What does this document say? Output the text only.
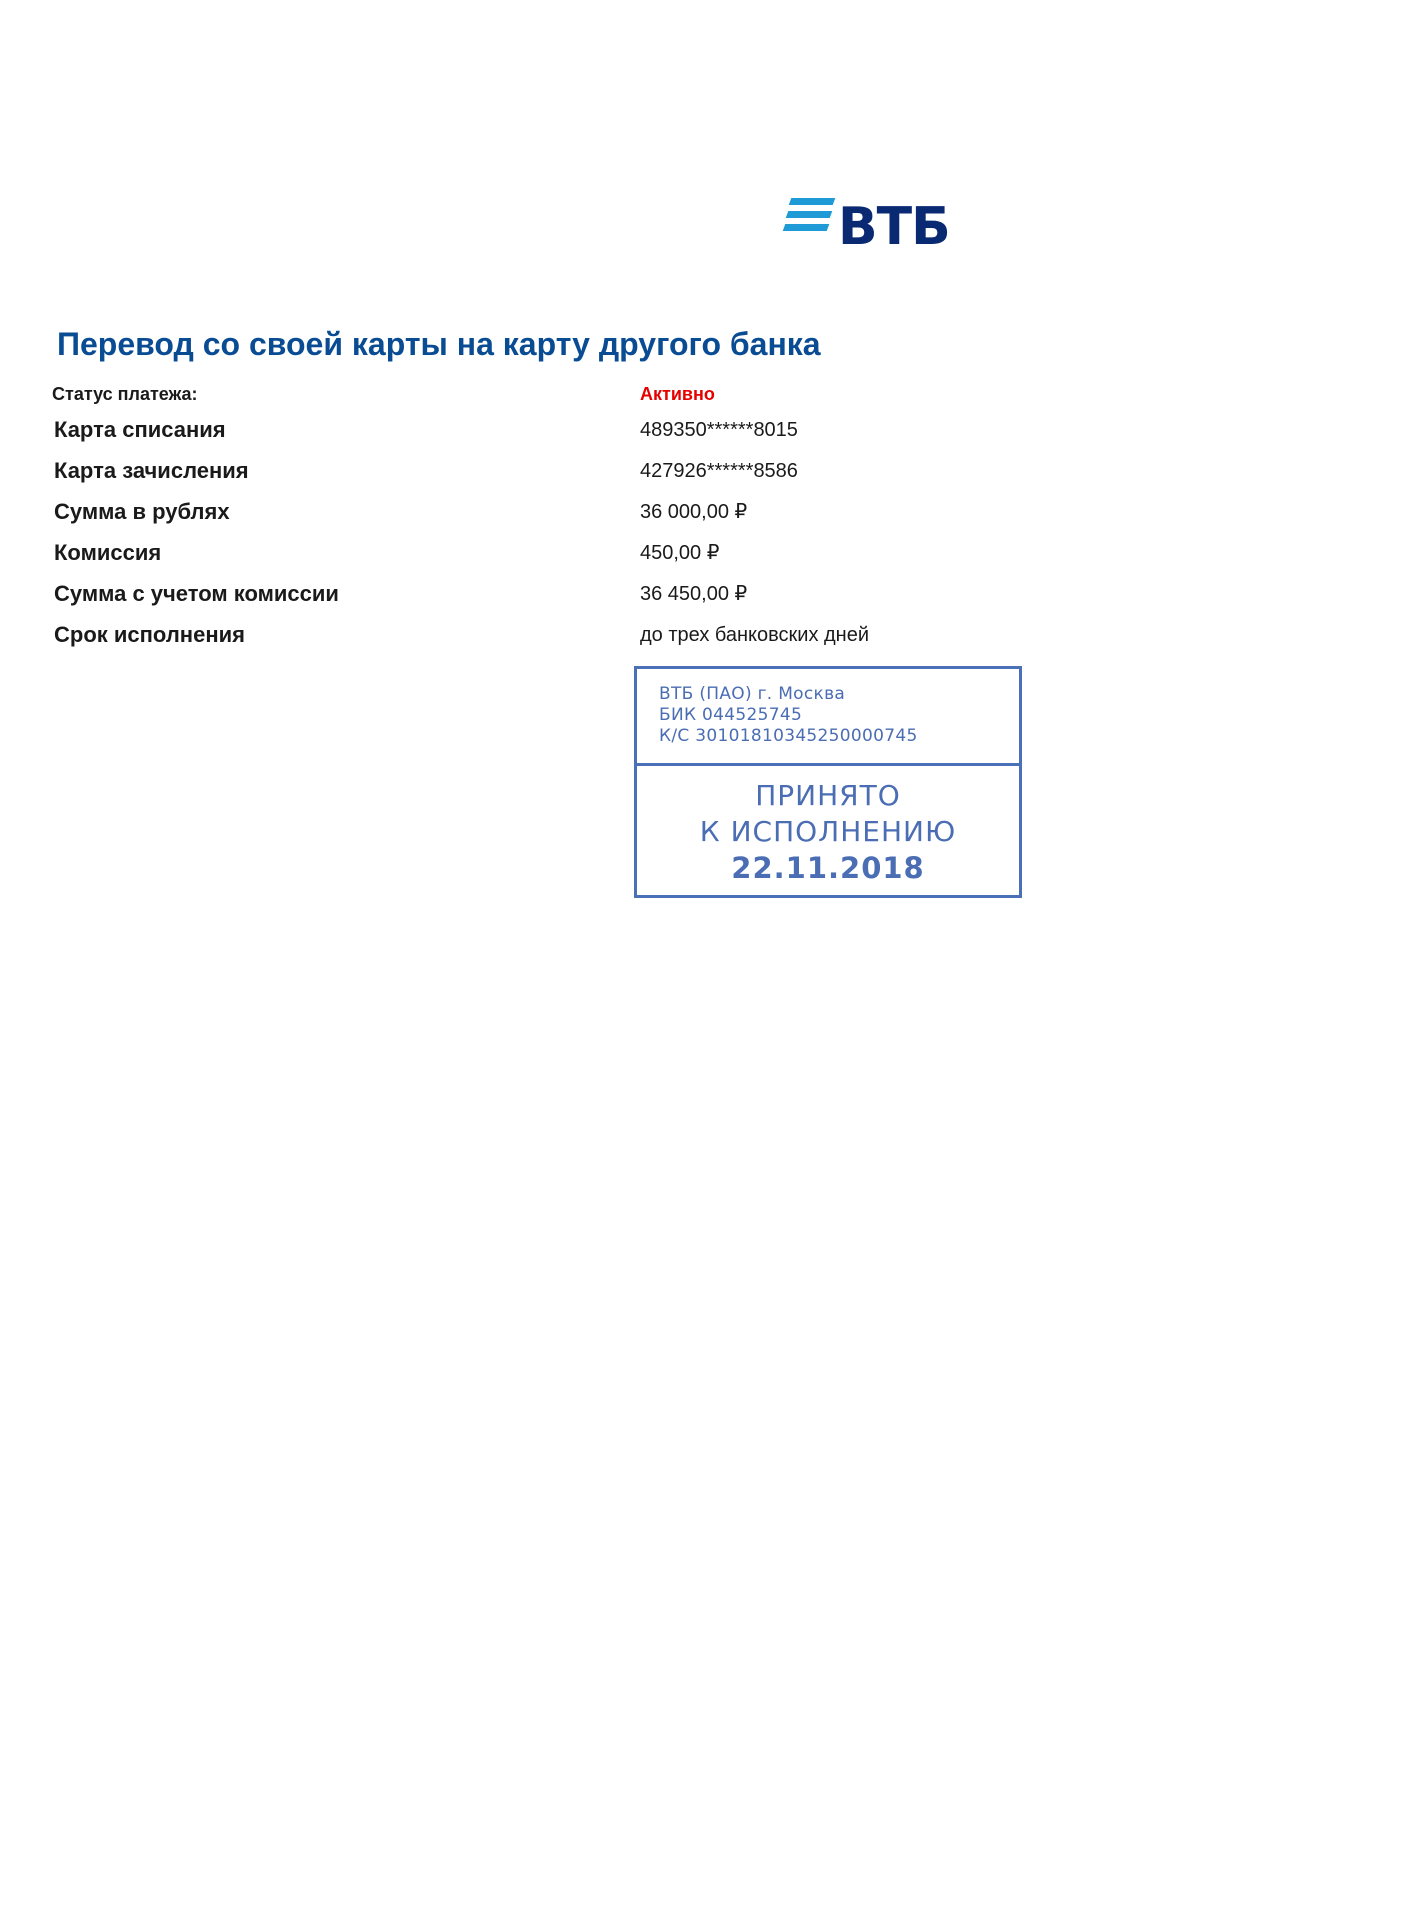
ВТБ
Перевод со своей карты на карту другого банка
Статус платежа:	Активно
Карта списания	489350******8015
Карта зачисления	427926******8586
Сумма в рублях	36 000,00 ₽
Комиссия	450,00 ₽
Сумма с учетом комиссии	36 450,00 ₽
Срок исполнения	до трех банковских дней
ВТБ (ПАО) г. Москва
БИК 044525745
К/С 30101810345250000745
ПРИНЯТО
К ИСПОЛНЕНИЮ
22.11.2018
